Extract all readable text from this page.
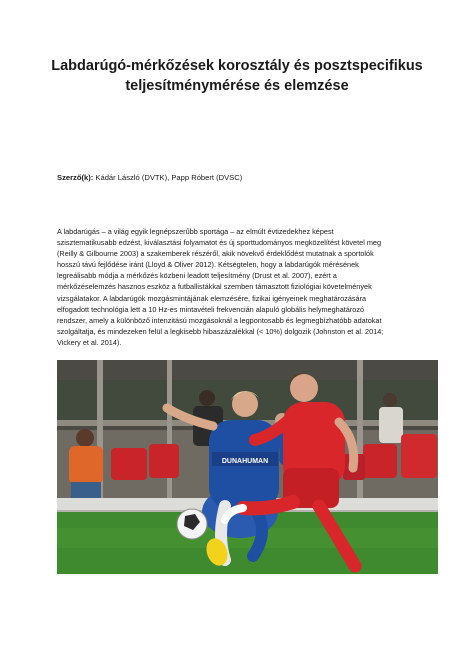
Labdarúgó-mérkőzések korosztály és posztspecifikus
teljesítménymérése és elemzése

Szerző(k): Kádár László (DVTK), Papp Róbert (DVSC)

A labdarúgás – a világ egyik legnépszerűbb sportága – az elmúlt évtizedekhez képest
szisztematikusabb edzést, kiválasztási folyamatot és új sporttudományos megközelítést követel meg
(Reilly & Gilbourne 2003) a szakemberek részéről, akik növekvő érdeklődést mutatnak a sportolók
hosszú távú fejlődése iránt (Lloyd & Oliver 2012). Kétségtelen, hogy a labdarúgók mérésének
legreálisabb módja a mérkőzés közbeni leadott teljesítmény (Drust et al. 2007), ezért a
mérkőzéselemzés hasznos eszköz a futballistákkal szemben támasztott fiziológiai követelmények
vizsgálatakor. A labdarúgók mozgásmintájának elemzésére, fizikai igényeinek meghatározására
elfogadott technológia lett a 10 Hz-es mintavételi frekvencián alapuló globális helymeghatározó
rendszer, amely a különböző intenzitású mozgásoknál a legpontosabb és legmegbízhatóbb adatokat
szolgáltatja, és mindezeken felül a legkisebb hibaszázalékkal (< 10%) dolgozik (Johnston et al. 2014;
Vickery et al. 2014).
DUNAHUMAN
